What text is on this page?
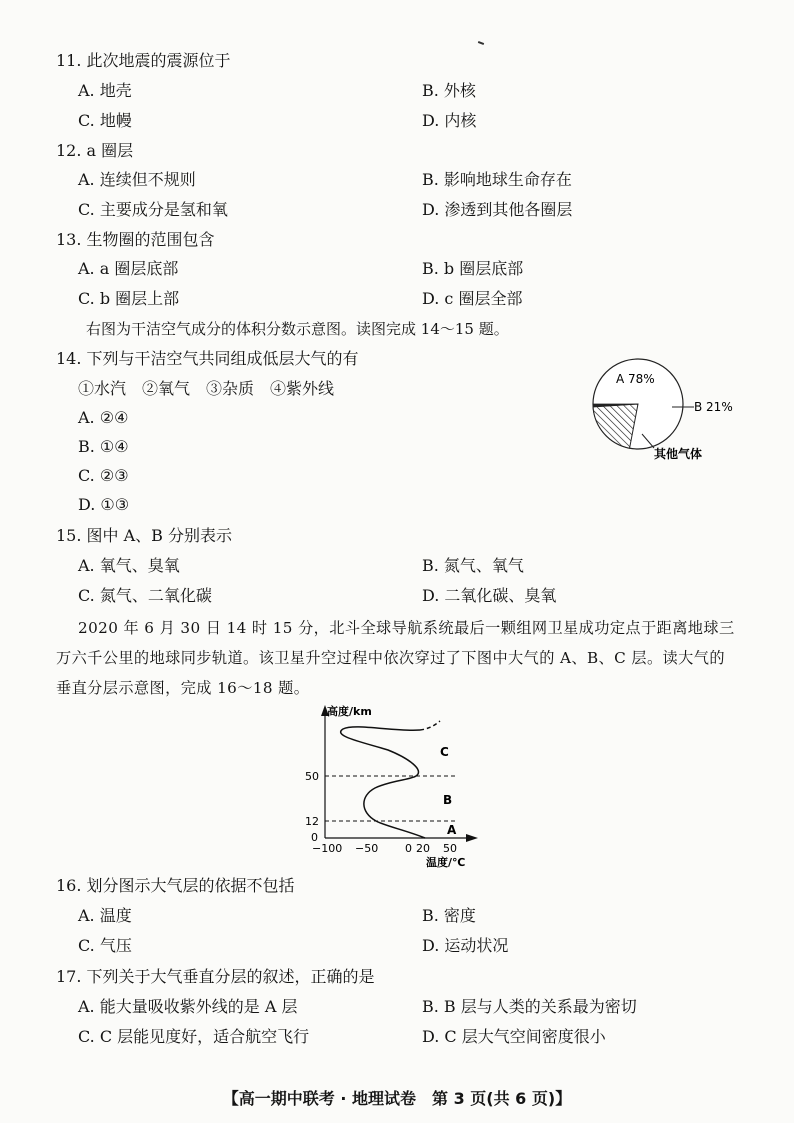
11. 此次地震的震源位于
A. 地壳	B. 外核
C. 地幔	D. 内核
12. a 圈层
A. 连续但不规则	B. 影响地球生命存在
C. 主要成分是氢和氧	D. 渗透到其他各圈层
13. 生物圈的范围包含
A. a 圈层底部	B. b 圈层底部
C. b 圈层上部	D. c 圈层全部
右图为干洁空气成分的体积分数示意图。读图完成 14～15 题。
14. 下列与干洁空气共同组成低层大气的有
①水汽　②氧气　③杂质　④紫外线
A. ②④
B. ①④
C. ②③
D. ①③
A 78%
B 21%
其他气体
15. 图中 A、B 分别表示
A. 氧气、臭氧	B. 氮气、氧气
C. 氮气、二氧化碳	D. 二氧化碳、臭氧
2020 年 6 月 30 日 14 时 15 分，北斗全球导航系统最后一颗组网卫星成功定点于距离地球三万六千公里的地球同步轨道。该卫星升空过程中依次穿过了下图中大气的 A、B、C 层。读大气的垂直分层示意图，完成 16～18 题。
高度/km
C
B
A
50
12
0
−100 −50 0 20 50
温度/℃
16. 划分图示大气层的依据不包括
A. 温度	B. 密度
C. 气压	D. 运动状况
17. 下列关于大气垂直分层的叙述，正确的是
A. 能大量吸收紫外线的是 A 层	B. B 层与人类的关系最为密切
C. C 层能见度好，适合航空飞行	D. C 层大气空间密度很小
【高一期中联考 · 地理试卷　第 3 页(共 6 页)】
